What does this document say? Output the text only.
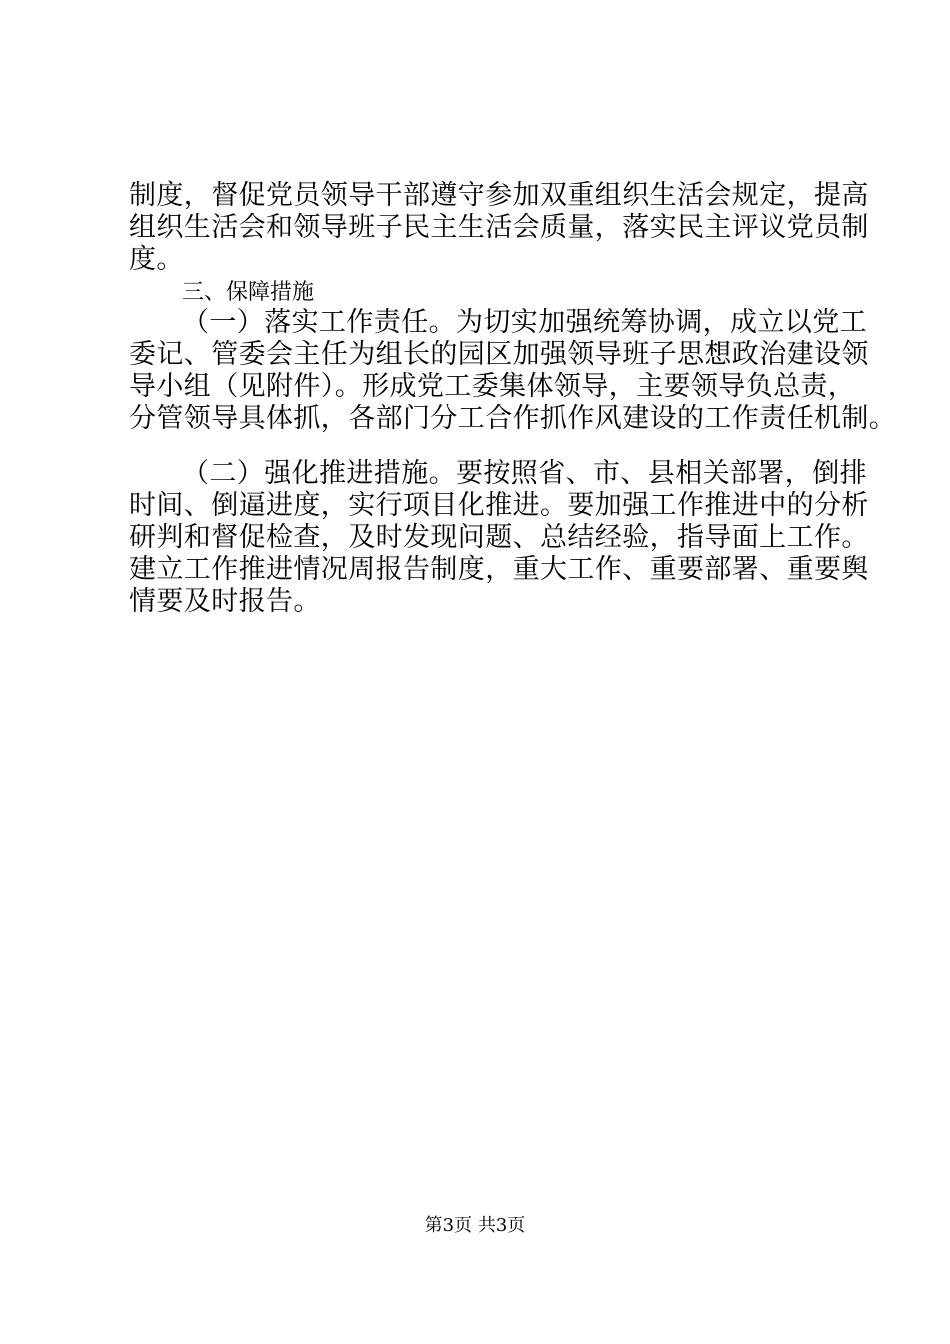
制度，督促党员领导干部遵守参加双重组织生活会规定，提高
组织生活会和领导班子民主生活会质量，落实民主评议党员制
度。
三、保障措施
（一）落实工作责任。为切实加强统筹协调，成立以党工
委记、管委会主任为组长的园区加强领导班子思想政治建设领
导小组（见附件）。形成党工委集体领导，主要领导负总责，
分管领导具体抓，各部门分工合作抓作风建设的工作责任机制。
（二）强化推进措施。要按照省、市、县相关部署，倒排
时间、倒逼进度，实行项目化推进。要加强工作推进中的分析
研判和督促检查，及时发现问题、总结经验，指导面上工作。
建立工作推进情况周报告制度，重大工作、重要部署、重要舆
情要及时报告。
第3页 共3页
